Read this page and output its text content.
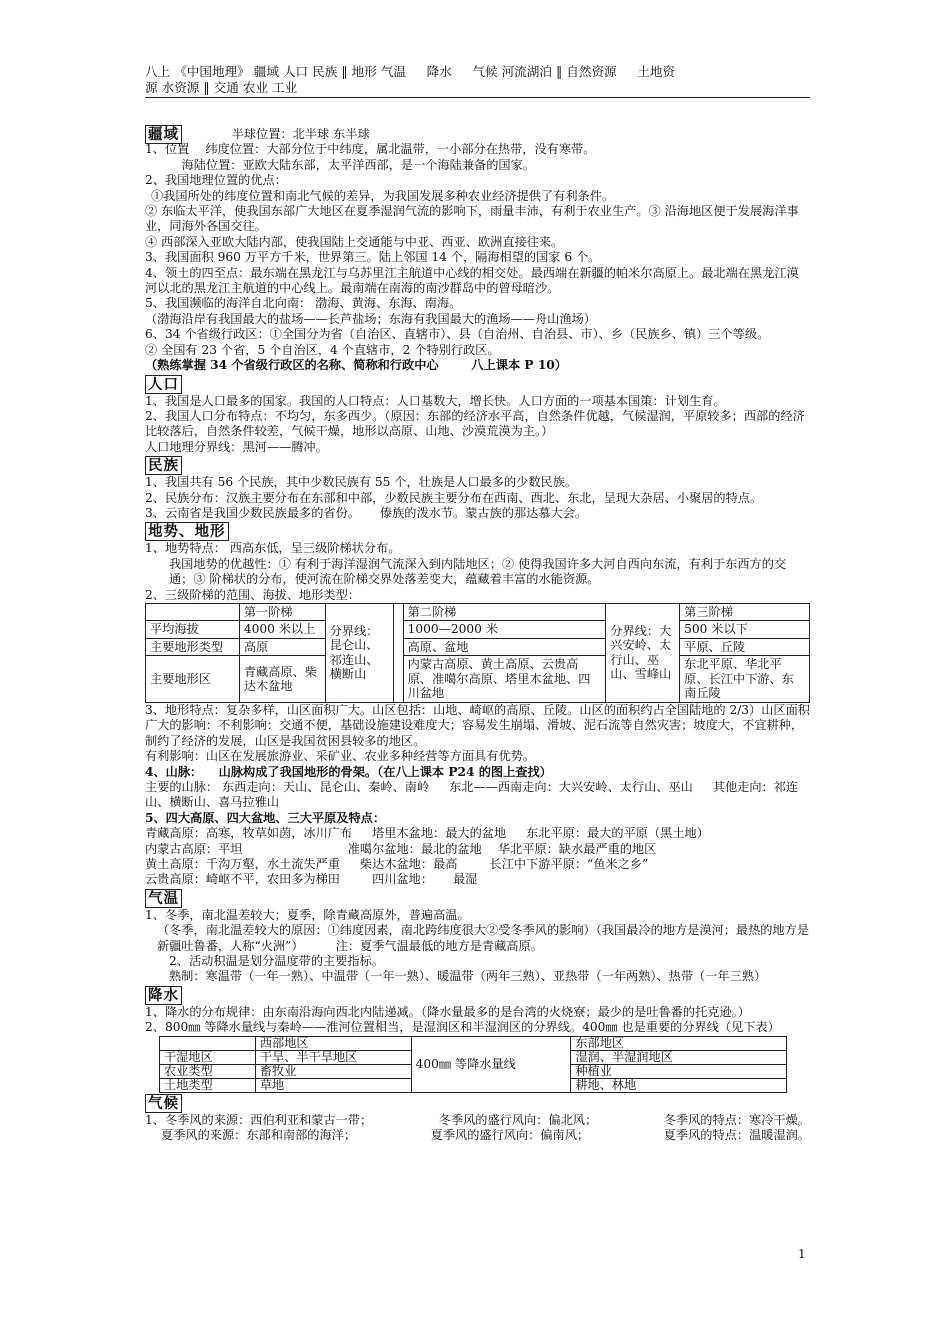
八上 《中国地理》 疆域 人口 民族 ‖ 地形 气温 　 降水 　 气候 河流湖泊 ‖ 自然资源 　 土地资
源 水资源 ‖ 交通 农业 工业
疆域 　　　　半球位置：北半球 东半球

1、位置 　纬度位置：大部分位于中纬度，属北温带，一小部分在热带，没有寒带。

　　　海陆位置：亚欧大陆东部，太平洋西部，是一个海陆兼备的国家。

2、我国地理位置的优点：

①我国所处的纬度位置和南北气候的差异，为我国发展多种农业经济提供了有利条件。

② 东临太平洋，使我国东部广大地区在夏季湿润气流的影响下，雨量丰沛，有利于农业生产。③ 沿海地区便于发展海洋事业，同海外各国交往。

④ 西部深入亚欧大陆内部，使我国陆上交通能与中亚、西亚、欧洲直接往来。

3、我国面积 960 万平方千米，世界第三。陆上邻国 14 个，隔海相望的国家 6 个。

4、领土的四至点：最东端在黑龙江与乌苏里江主航道中心线的相交处。最西端在新疆的帕米尔高原上。最北端在黑龙江漠河以北的黑龙江主航道的中心线上。最南端在南海的南沙群岛中的曾母暗沙。

5、我国濒临的海洋自北向南： 渤海、黄海、东海、南海。

（渤海沿岸有我国最大的盐场——长芦盐场；东海有我国最大的渔场——舟山渔场）

6、34 个省级行政区：①全国分为省（自治区、直辖市）、县（自治州、自治县、市）、乡（民族乡、镇）三个等级。

② 全国有 23 个省，5 个自治区，4 个直辖市，2 个特别行政区。

（熟练掌握 34 个省级行政区的名称、简称和行政中心 　　 八上课本 P 10）

人口

1、我国是人口最多的国家。我国的人口特点：人口基数大，增长快。人口方面的一项基本国策：计划生育。

2、我国人口分布特点：不均匀，东多西少。（原因：东部的经济水平高，自然条件优越，气候湿润，平原较多；西部的经济比较落后，自然条件较差，气候干燥，地形以高原、山地、沙漠荒漠为主。）

人口地理分界线：黑河——腾冲。

民族

1、我国共有 56 个民族，其中少数民族有 55 个，壮族是人口最多的少数民族。

2、民族分布：汉族主要分布在东部和中部，少数民族主要分布在西南、西北、东北，呈现大杂居、小聚居的特点。

3、云南省是我国少数民族最多的省份。 　 傣族的泼水节。蒙古族的那达慕大会。

地势、地形

1、地势特点： 西高东低，呈三级阶梯状分布。

我国地势的优越性：① 有利于海洋湿润气流深入到内陆地区；② 使得我国许多大河自西向东流，有利于东西方的交通；③ 阶梯状的分布，使河流在阶梯交界处落差变大，蕴藏着丰富的水能资源。

2、三级阶梯的范围、海拔、地形类型：

	第一阶梯	分界线：昆仑山、祁连山、横断山		第二阶梯	分界线：大兴安岭、太行山、巫山、雪峰山	第三阶梯
平均海拔	4000 米以上			1000—2000 米		500 米以下
主要地形类型	高原			高原、盆地		平原、丘陵
主要地形区	青藏高原、柴达木盆地			内蒙古高原、黄土高原、云贵高原、准噶尔高原、塔里木盆地、四川盆地		东北平原、华北平原、长江中下游、东南丘陵

3、地形特点：复杂多样，山区面积广大。山区包括：山地、崎岖的高原、丘陵。山区的面积约占全国陆地的 2/3）山区面积广大的影响：不利影响：交通不便，基础设施建设难度大；容易发生崩塌、滑坡、泥石流等自然灾害；坡度大，不宜耕种，制约了经济的发展，山区是我国贫困县较多的地区。

有利影响：山区在发展旅游业、采矿业、农业多种经营等方面具有优势。

4、山脉： 　山脉构成了我国地形的骨架。（在八上课本 P24 的图上查找）

主要的山脉： 东西走向：天山、昆仑山、秦岭、南岭 　 东北——西南走向：大兴安岭、太行山、巫山 　 其他走向：祁连山、横断山、喜马拉雅山

5、四大高原、四大盆地、三大平原及特点：

青藏高原：高寒，牧草如茵，冰川广布 　 塔里木盆地：最大的盆地 　 东北平原：最大的平原（黑土地）

内蒙古高原：平坦 　　　　　　　　 准噶尔盆地：最北的盆地 　华北平原：缺水最严重的地区

黄土高原：千沟万壑，水土流失严重 　 柴达木盆地：最高 　　 长江中下游平原：“鱼米之乡”

云贵高原：崎岖不平，农田多为梯田 　　 四川盆地： 　 最湿

气温

1、冬季，南北温差较大；夏季，除青藏高原外，普遍高温。

（冬季，南北温差较大的原因：①纬度因素，南北跨纬度很大②受冬季风的影响）（我国最冷的地方是漠河；最热的地方是新疆吐鲁番，人称“火洲”） 　　 注：夏季气温最低的地方是青藏高原。

2、活动积温是划分温度带的主要指标。

熟制：寒温带（一年一熟）、中温带（一年一熟）、暖温带（两年三熟）、亚热带（一年两熟）、热带（一年三熟）

降水

1、降水的分布规律：由东南沿海向西北内陆递减。（降水量最多的是台湾的火烧寮；最少的是吐鲁番的托克逊。）

2、800㎜ 等降水量线与秦岭——淮河位置相当，是湿润区和半湿润区的分界线。400㎜ 也是重要的分界线（见下表）

	西部地区	400㎜ 等降水量线	东部地区
干湿地区	干旱、半干旱地区		湿润、半湿润地区
农业类型	畜牧业		种植业
土地类型	草地		耕地、林地
气候
1、冬季风的来源：西伯利亚和蒙古一带；	冬季风的盛行风向：偏北风；	冬季风的特点：寒冷干燥。
　 夏季风的来源：东部和南部的海洋；	夏季风的盛行风向：偏南风；	夏季风的特点：温暖湿润。
1
